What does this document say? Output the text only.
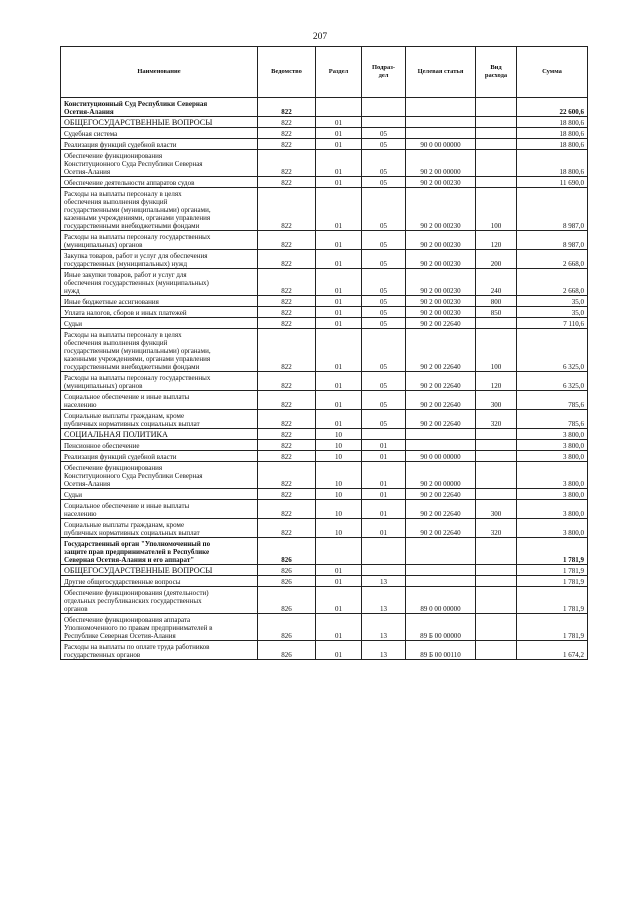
207
Наименование	Ведомство	Раздел	Подраз-
дел	Целевая статья	Вид
расхода	Сумма
Конституционный Суд Республики Северная
Осетия-Алания	822					22 600,6
ОБЩЕГОСУДАРСТВЕННЫЕ ВОПРОСЫ	822	01				18 800,6
Судебная система	822	01	05			18 800,6
Реализация функций судебной власти	822	01	05	90 0 00 00000		18 800,6
Обеспечение функционирования
Конституционного Суда Республики Северная
Осетия-Алания	822	01	05	90 2 00 00000		18 800,6
Обеспечение деятельности аппаратов судов	822	01	05	90 2 00 00230		11 690,0
Расходы на выплаты персоналу в целях
обеспечения выполнения функций
государственными (муниципальными) органами,
казенными учреждениями, органами управления
государственными внебюджетными фондами	822	01	05	90 2 00 00230	100	8 987,0
Расходы на выплаты персоналу государственных
(муниципальных) органов	822	01	05	90 2 00 00230	120	8 987,0
Закупка товаров, работ и услуг для обеспечения
государственных (муниципальных) нужд	822	01	05	90 2 00 00230	200	2 668,0
Иные закупки товаров, работ и услуг для
обеспечения государственных (муниципальных)
нужд	822	01	05	90 2 00 00230	240	2 668,0
Иные бюджетные ассигнования	822	01	05	90 2 00 00230	800	35,0
Уплата налогов, сборов и иных платежей	822	01	05	90 2 00 00230	850	35,0
Судьи	822	01	05	90 2 00 22640		7 110,6
Расходы на выплаты персоналу в целях
обеспечения выполнения функций
государственными (муниципальными) органами,
казенными учреждениями, органами управления
государственными внебюджетными фондами	822	01	05	90 2 00 22640	100	6 325,0
Расходы на выплаты персоналу государственных
(муниципальных) органов	822	01	05	90 2 00 22640	120	6 325,0
Социальное обеспечение и иные выплаты
населению	822	01	05	90 2 00 22640	300	785,6
Социальные выплаты гражданам, кроме
публичных нормативных социальных выплат	822	01	05	90 2 00 22640	320	785,6
СОЦИАЛЬНАЯ ПОЛИТИКА	822	10				3 800,0
Пенсионное обеспечение	822	10	01			3 800,0
Реализация функций судебной власти	822	10	01	90 0 00 00000		3 800,0
Обеспечение функционирования
Конституционного Суда Республики Северная
Осетия-Алания	822	10	01	90 2 00 00000		3 800,0
Судьи	822	10	01	90 2 00 22640		3 800,0
Социальное обеспечение и иные выплаты
населению	822	10	01	90 2 00 22640	300	3 800,0
Социальные выплаты гражданам, кроме
публичных нормативных социальных выплат	822	10	01	90 2 00 22640	320	3 800,0
Государственный орган "Уполномоченный по
защите прав предпринимателей в Республике
Северная Осетия-Алания и его аппарат"	826					1 781,9
ОБЩЕГОСУДАРСТВЕННЫЕ ВОПРОСЫ	826	01				1 781,9
Другие общегосударственные вопросы	826	01	13			1 781,9
Обеспечение функционирования (деятельности)
отдельных республиканских государственных
органов	826	01	13	89 0 00 00000		1 781,9
Обеспечение функционирования аппарата
Уполномоченного по правам предпринимателей в
Республике Северная Осетия-Алания	826	01	13	89 Б 00 00000		1 781,9
Расходы на выплаты по оплате труда работников
государственных органов	826	01	13	89 Б 00 00110		1 674,2
